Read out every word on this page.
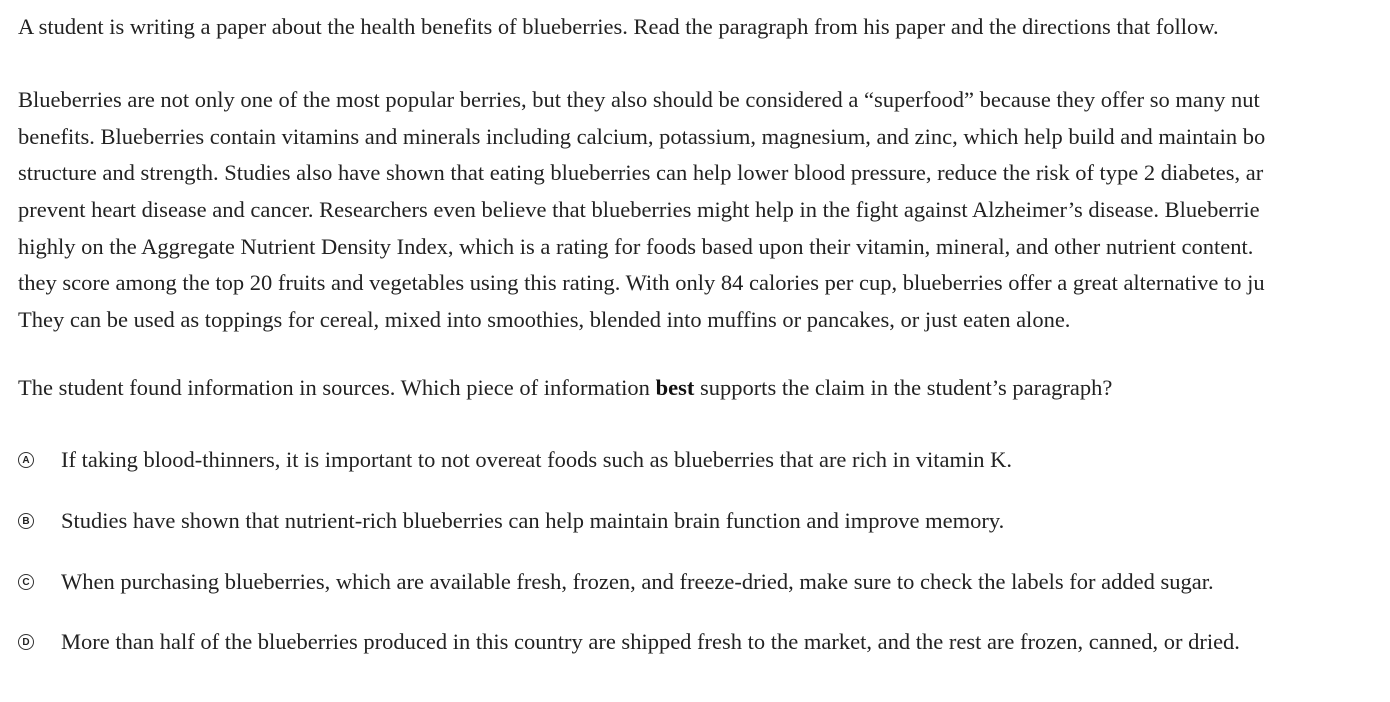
A student is writing a paper about the health benefits of blueberries. Read the paragraph from his paper and the directions that follow.

Blueberries are not only one of the most popular berries, but they also should be considered a “superfood” because they offer so many nut
benefits. Blueberries contain vitamins and minerals including calcium, potassium, magnesium, and zinc, which help build and maintain bo
structure and strength. Studies also have shown that eating blueberries can help lower blood pressure, reduce the risk of type 2 diabetes, ar
prevent heart disease and cancer. Researchers even believe that blueberries might help in the fight against Alzheimer’s disease. Blueberrie
highly on the Aggregate Nutrient Density Index, which is a rating for foods based upon their vitamin, mineral, and other nutrient content.
they score among the top 20 fruits and vegetables using this rating. With only 84 calories per cup, blueberries offer a great alternative to ju
They can be used as toppings for cereal, mixed into smoothies, blended into muffins or pancakes, or just eaten alone.

The student found information in sources. Which piece of information best supports the claim in the student’s paragraph?

A If taking blood-thinners, it is important to not overeat foods such as blueberries that are rich in vitamin K.
B Studies have shown that nutrient-rich blueberries can help maintain brain function and improve memory.
C When purchasing blueberries, which are available fresh, frozen, and freeze-dried, make sure to check the labels for added sugar.
D More than half of the blueberries produced in this country are shipped fresh to the market, and the rest are frozen, canned, or dried.
